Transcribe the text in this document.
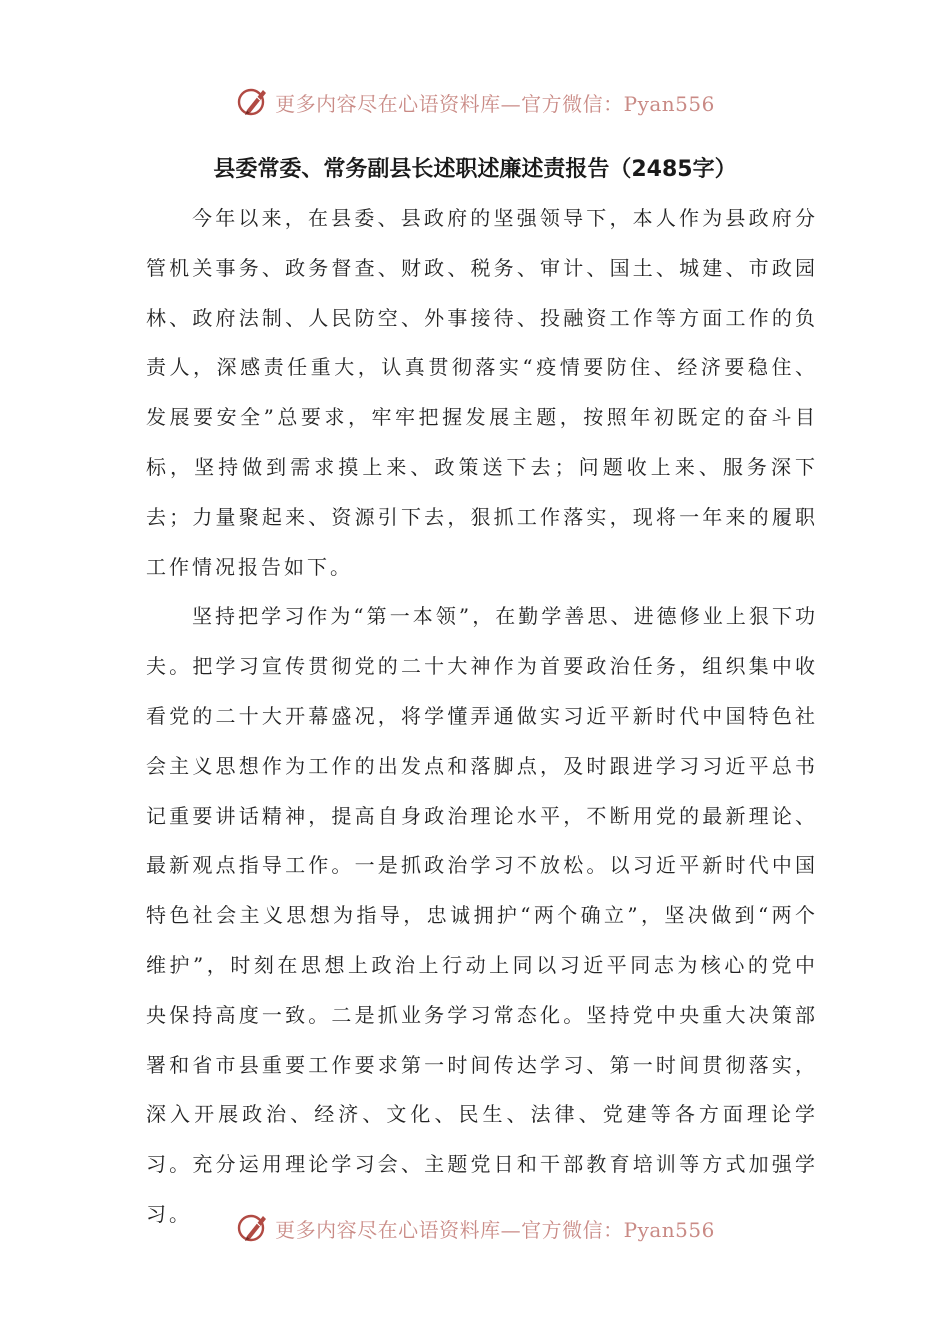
更多内容尽在心语资料库—官方微信：Pyan556
县委常委、常务副县长述职述廉述责报告（2485字）

今年以来，在县委、县政府的坚强领导下，本人作为县政府分管机关事务、政务督查、财政、税务、审计、国土、城建、市政园林、政府法制、人民防空、外事接待、投融资工作等方面工作的负责人，深感责任重大，认真贯彻落实“疫情要防住、经济要稳住、发展要安全”总要求，牢牢把握发展主题，按照年初既定的奋斗目标，坚持做到需求摸上来、政策送下去；问题收上来、服务深下去；力量聚起来、资源引下去，狠抓工作落实，现将一年来的履职工作情况报告如下。

坚持把学习作为“第一本领”，在勤学善思、进德修业上狠下功夫。把学习宣传贯彻党的二十大神作为首要政治任务，组织集中收看党的二十大开幕盛况，将学懂弄通做实习近平新时代中国特色社会主义思想作为工作的出发点和落脚点，及时跟进学习习近平总书记重要讲话精神，提高自身政治理论水平，不断用党的最新理论、最新观点指导工作。一是抓政治学习不放松。以习近平新时代中国特色社会主义思想为指导，忠诚拥护“两个确立”，坚决做到“两个维护”，时刻在思想上政治上行动上同以习近平同志为核心的党中央保持高度一致。二是抓业务学习常态化。坚持党中央重大决策部署和省市县重要工作要求第一时间传达学习、第一时间贯彻落实，深入开展政治、经济、文化、民生、法律、党建等各方面理论学习。充分运用理论学习会、主题党日和干部教育培训等方式加强学习。

更多内容尽在心语资料库—官方微信：Pyan556
